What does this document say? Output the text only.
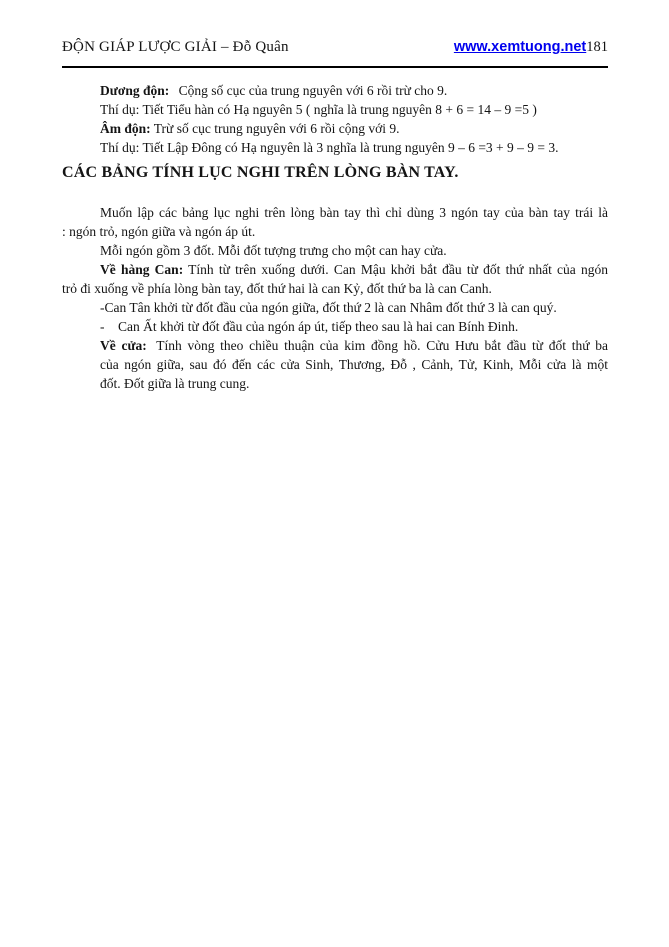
ĐỘN GIÁP LƯỢC GIẢI – Đỗ Quân	www.xemtuong.net 181

Dương độn: Cộng số cục của trung nguyên với 6 rồi trừ cho 9.

Thí dụ: Tiết Tiểu hàn có Hạ nguyên 5 ( nghĩa là trung nguyên 8 + 6 = 14 – 9 =5 )

Âm độn: Trừ số cục trung nguyên với 6 rồi cộng với 9.

Thí dụ: Tiết Lập Đông có Hạ nguyên là 3 nghĩa là trung nguyên 9 – 6 =3 + 9 – 9 = 3.

CÁC BẢNG TÍNH LỤC NGHI TRÊN LÒNG BÀN TAY.

Muốn lập các bảng lục nghi trên lòng bàn tay thì chỉ dùng 3 ngón tay của bàn tay trái là

: ngón trỏ, ngón giữa và ngón áp út.

Mỗi ngón gồm 3 đốt. Mỗi đốt tượng trưng cho một can hay cửa.

Về hàng Can: Tính từ trên xuống dưới. Can Mậu khởi bắt đầu từ đốt thứ nhất của ngón

trỏ đi xuống về phía lòng bàn tay, đốt thứ hai là can Kỷ, đốt thứ ba là can Canh.

-Can Tân khởi từ đốt đầu của ngón giữa, đốt thứ 2 là can Nhâm đốt thứ 3 là can quý.

-    Can Ất khởi từ đốt đầu của ngón áp út, tiếp theo sau là hai can Bính Đinh.

Về cửa: Tính vòng theo chiều thuận của kim đồng hồ. Cửu Hưu bắt đầu từ đốt thứ ba

của ngón giữa, sau đó đến các cửa Sinh, Thương, Đỗ , Cảnh, Tử, Kinh, Mỗi cửa là một

đốt. Đốt giữa là trung cung.
